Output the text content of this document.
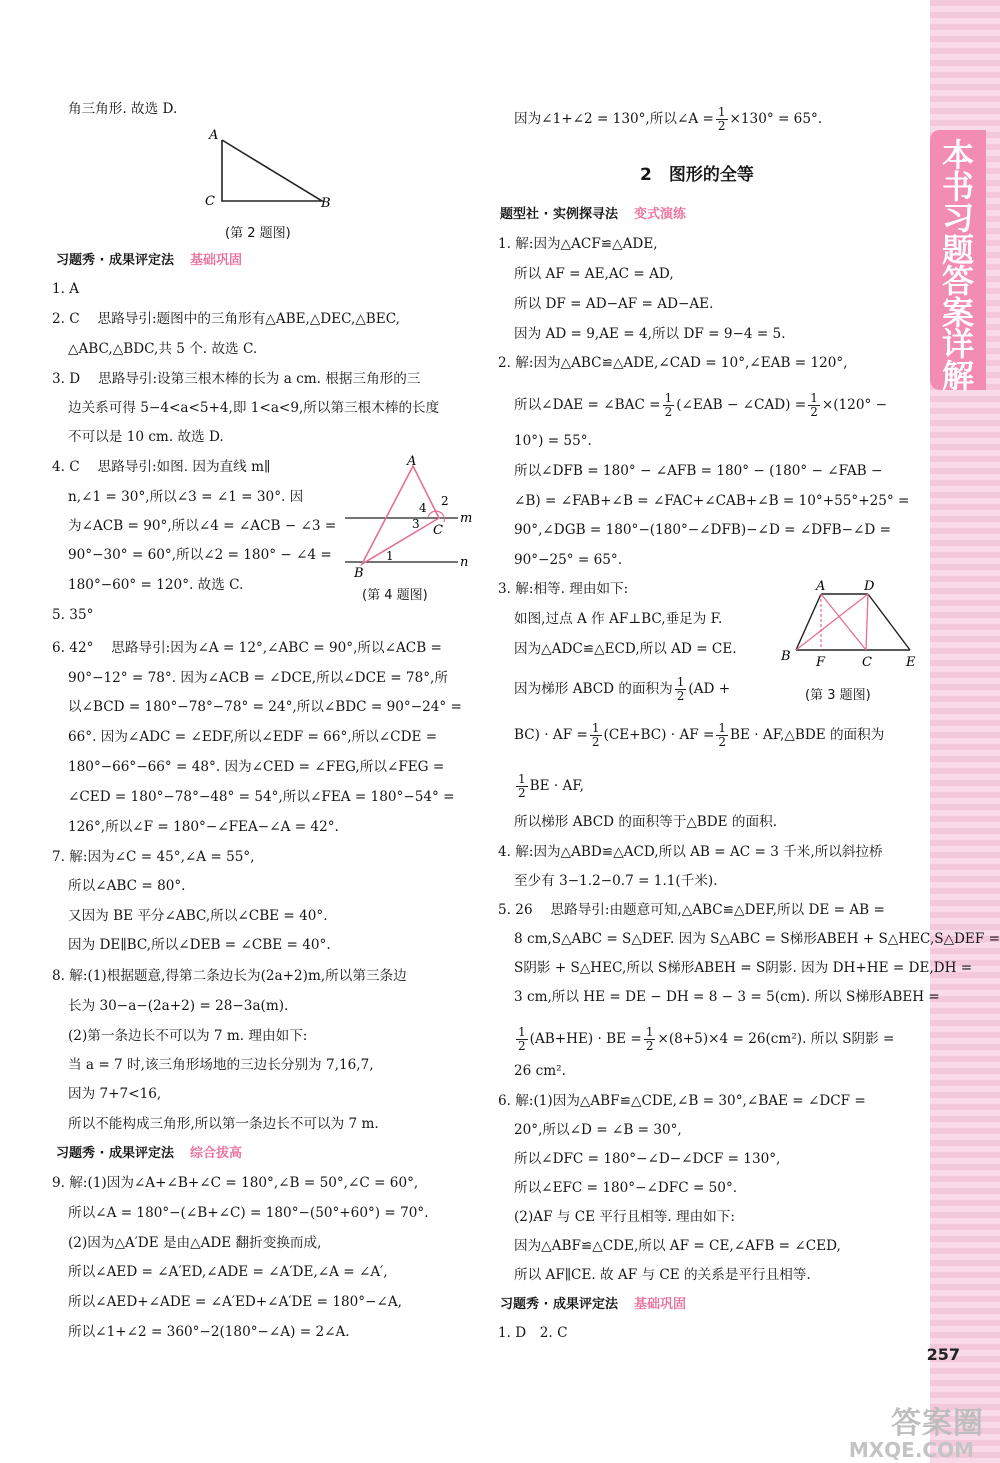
本书习题答案详解
257
答案圈
MXQE.COM
角三角形. 故选 D.
A
C	B
(第 2 题图)
习题秀 · 成果评定法 基础巩固
1. A
2. C　 思路导引:题图中的三角形有△ABE,△DEC,△BEC,
△ABC,△BDC,共 5 个. 故选 C.
3. D　 思路导引:设第三根木棒的长为 a cm. 根据三角形的三
边关系可得 5−4<a<5+4,即 1<a<9,所以第三根木棒的长度
不可以是 10 cm. 故选 D.
4. C　 思路导引:如图. 因为直线 m∥
n,∠1 = 30°,所以∠3 = ∠1 = 30°. 因
为∠ACB = 90°,所以∠4 = ∠ACB − ∠3 =
90°−30° = 60°,所以∠2 = 180° − ∠4 =
180°−60° = 120°. 故选 C.
A
2
4
m
3 C
1	n
B
(第 4 题图)
5. 35°
6. 42°　 思路导引:因为∠A = 12°,∠ABC = 90°,所以∠ACB =
90°−12° = 78°. 因为∠ACB = ∠DCE,所以∠DCE = 78°,所
以∠BCD = 180°−78°−78° = 24°,所以∠BDC = 90°−24° =
66°. 因为∠ADC = ∠EDF,所以∠EDF = 66°,所以∠CDE =
180°−66°−66° = 48°. 因为∠CED = ∠FEG,所以∠FEG =
∠CED = 180°−78°−48° = 54°,所以∠FEA = 180°−54° =
126°,所以∠F = 180°−∠FEA−∠A = 42°.
7. 解:因为∠C = 45°,∠A = 55°,
所以∠ABC = 80°.
又因为 BE 平分∠ABC,所以∠CBE = 40°.
因为 DE∥BC,所以∠DEB = ∠CBE = 40°.
8. 解:(1)根据题意,得第二条边长为(2a+2)m,所以第三条边
长为 30−a−(2a+2) = 28−3a(m).
(2)第一条边长不可以为 7 m. 理由如下:
当 a = 7 时,该三角形场地的三边长分别为 7,16,7,
因为 7+7<16,
所以不能构成三角形,所以第一条边长不可以为 7 m.
习题秀 · 成果评定法 综合拔高
9. 解:(1)因为∠A+∠B+∠C = 180°,∠B = 50°,∠C = 60°,
所以∠A = 180°−(∠B+∠C) = 180°−(50°+60°) = 70°.
(2)因为△A′DE 是由△ADE 翻折变换而成,
所以∠AED = ∠A′ED,∠ADE = ∠A′DE,∠A = ∠A′,
所以∠AED+∠ADE = ∠A′ED+∠A′DE = 180°−∠A,
所以∠1+∠2 = 360°−2(180°−∠A) = 2∠A.
因为∠1+∠2 = 130°,所以∠A = $\frac{1}{2} \times 130^\circ = 65^\circ$.
2　图形的全等
题型社 · 实例探寻法 变式演练
1. 解:因为△ACF≌△ADE,
所以 AF = AE,AC = AD,
所以 DF = AD−AF = AD−AE.
因为 AD = 9,AE = 4,所以 DF = 9−4 = 5.
2. 解:因为△ABC≌△ADE,∠CAD = 10°,∠EAB = 120°,
所以∠DAE = ∠BAC = $\frac{1}{2}$ (∠EAB − ∠CAD) = $\frac{1}{2} \times(120^\circ$ −
10°) = 55°.
所以∠DFB = 180° − ∠AFB = 180° − (180° − ∠FAB −
∠B) = ∠FAB+∠B = ∠FAC+∠CAB+∠B = 10°+55°+25° =
90°,∠DGB = 180°−(180°−∠DFB)−∠D = ∠DFB−∠D =
90°−25° = 65°.
3. 解:相等. 理由如下:
如图,过点 A 作 AF⊥BC,垂足为 F.
因为△ADC≌△ECD,所以 AD = CE.
因为梯形 ABCD 的面积为 $\frac{1}{2} (AD$ +
A	D
B F	C	E
(第 3 题图)
BC) · AF = $\frac{1}{2} (CE+BC)$ · AF = $\frac{1}{2}$ BE · AF,△BDE 的面积为
$\frac{1}{2}$ BE · AF,
所以梯形 ABCD 的面积等于△BDE 的面积.
4. 解:因为△ABD≌△ACD,所以 AB = AC = 3 千米,所以斜拉桥
至少有 3−1.2−0.7 = 1.1(千米).
5. 26　 思路导引:由题意可知,△ABC≌△DEF,所以 DE = AB =
8 cm,S△ABC = S△DEF. 因为 S△ABC = S梯形ABEH + S△HEC,S△DEF =
S阴影 + S△HEC,所以 S梯形ABEH = S阴影. 因为 DH+HE = DE,DH =
3 cm,所以 HE = DE − DH = 8 − 3 = 5(cm). 所以 S梯形ABEH =
$\frac{1}{2} (AB+HE)$ · BE = $\frac{1}{2} \times(8+5)\times 4 = 26(cm^2)$. 所以 S阴影 =
26 cm².
6. 解:(1)因为△ABF≌△CDE,∠B = 30°,∠BAE = ∠DCF =
20°,所以∠D = ∠B = 30°,
所以∠DFC = 180°−∠D−∠DCF = 130°,
所以∠EFC = 180°−∠DFC = 50°.
(2)AF 与 CE 平行且相等. 理由如下:
因为△ABF≌△CDE,所以 AF = CE,∠AFB = ∠CED,
所以 AF∥CE. 故 AF 与 CE 的关系是平行且相等.
习题秀 · 成果评定法 基础巩固
1. D　2. C
